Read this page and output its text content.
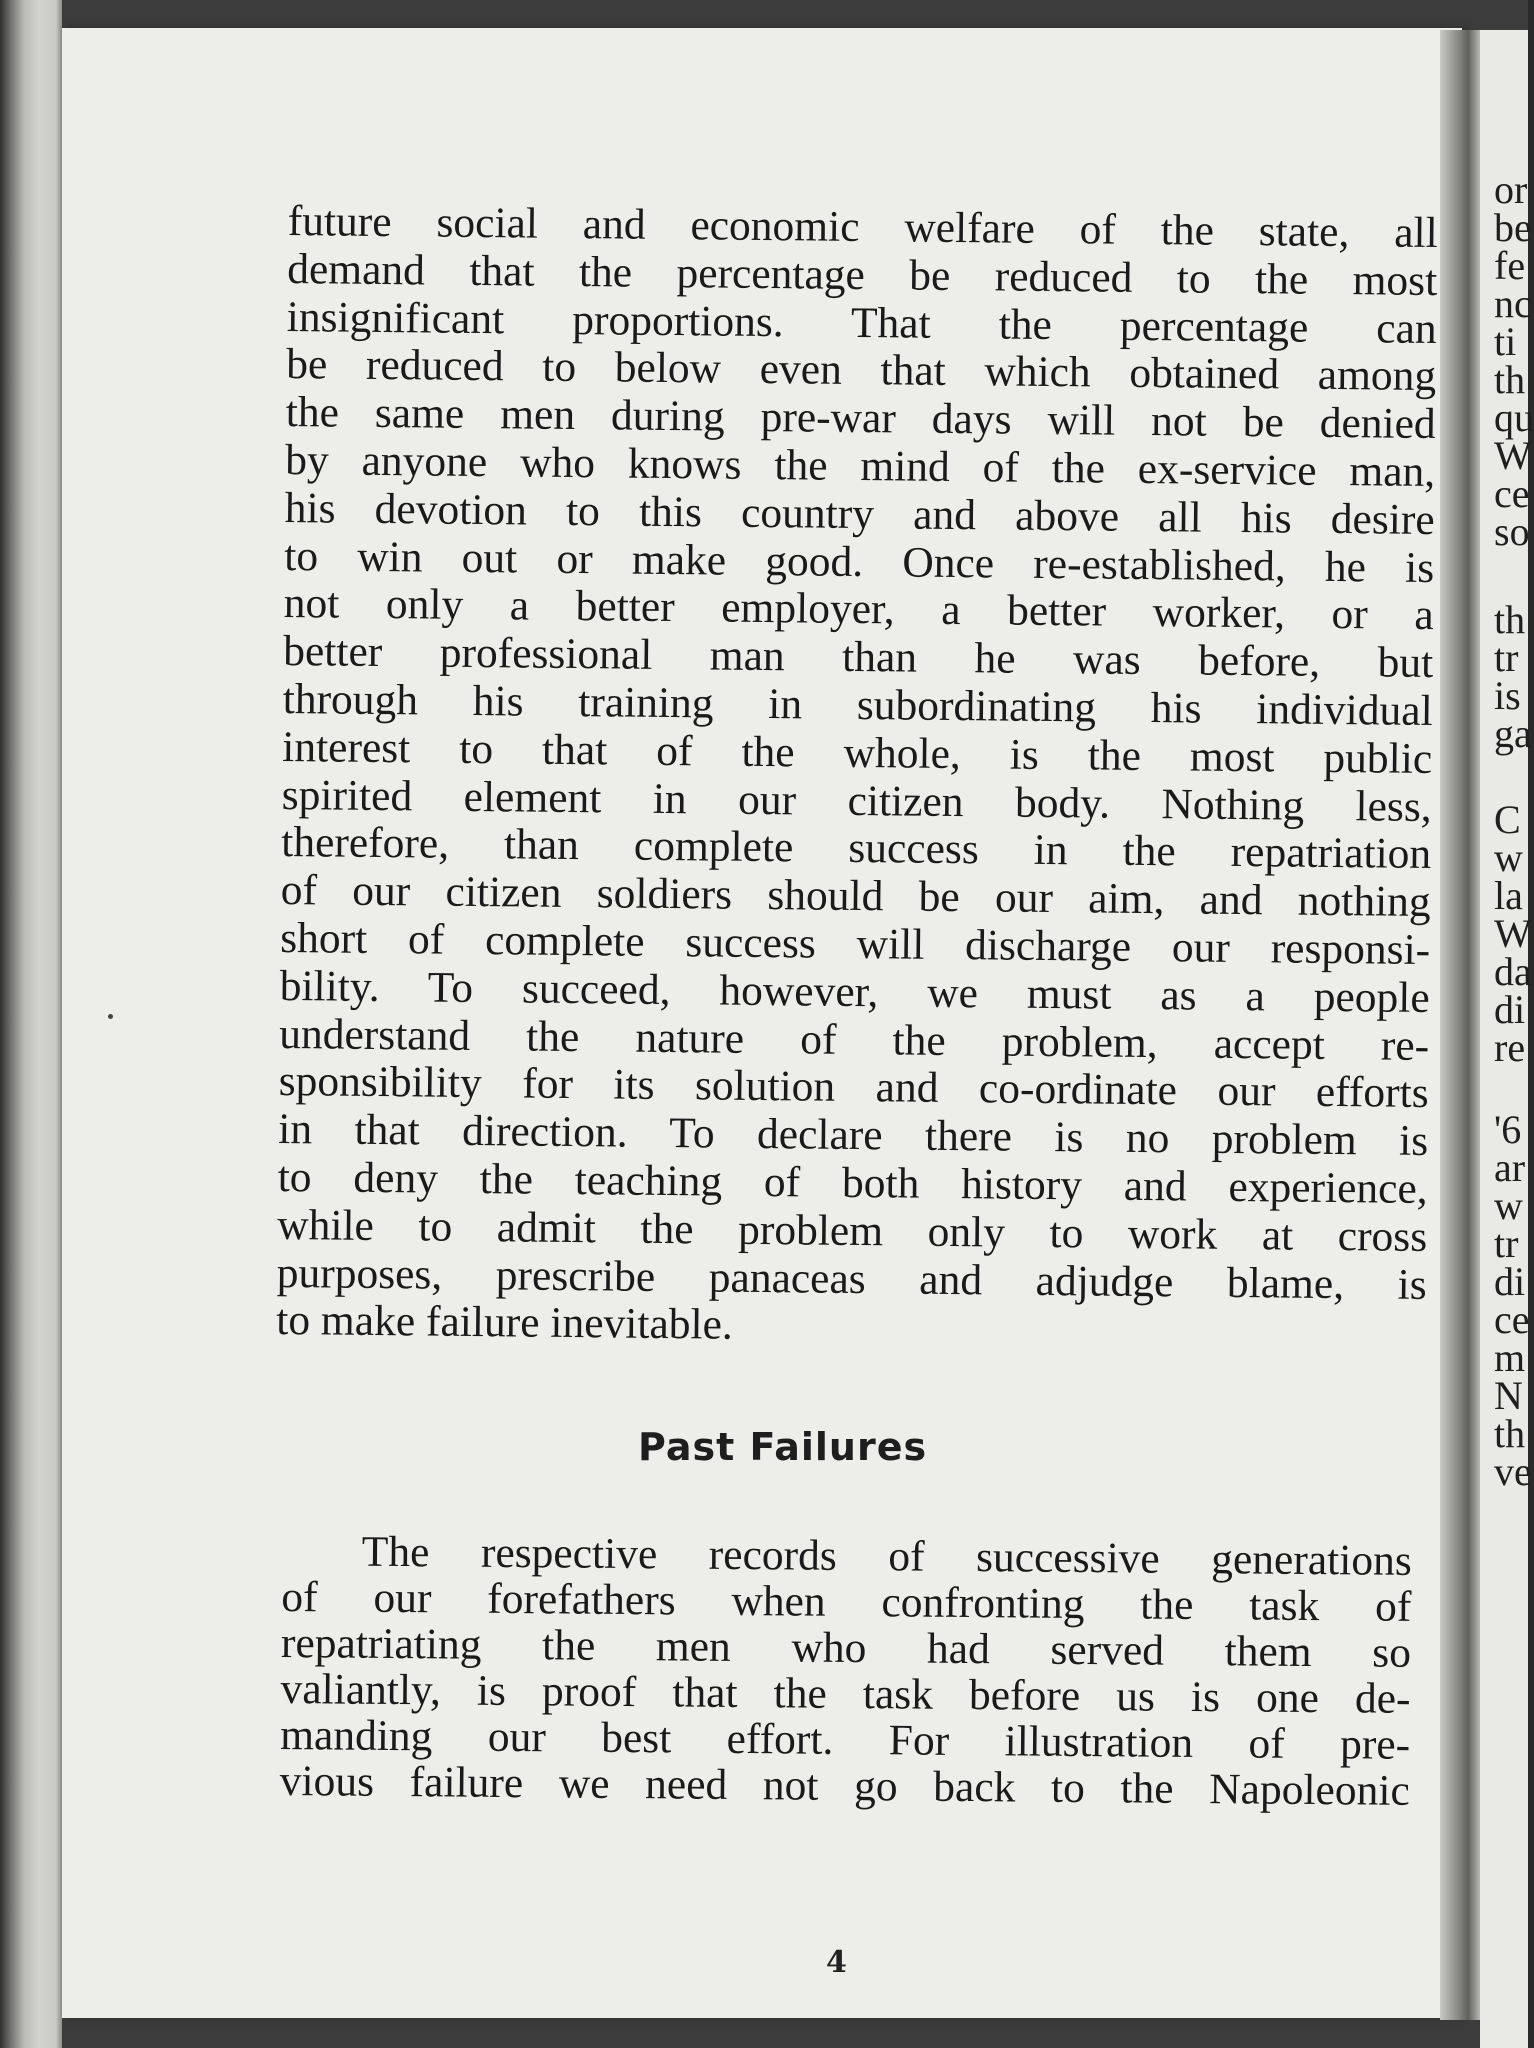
or
be
fe
nc
ti
th
qu
W
ce
so
th
tr
is
ga
C
w
la
W
da
di
re
'6
ar
w
tr
di
ce
m
N
th
ve
future social and economic welfare of the state, all
demand that the percentage be reduced to the most
insignificant proportions. That the percentage can
be reduced to below even that which obtained among
the same men during pre-war days will not be denied
by anyone who knows the mind of the ex-service man,
his devotion to this country and above all his desire
to win out or make good. Once re-established, he is
not only a better employer, a better worker, or a
better professional man than he was before, but
through his training in subordinating his individual
interest to that of the whole, is the most public
spirited element in our citizen body. Nothing less,
therefore, than complete success in the repatriation
of our citizen soldiers should be our aim, and nothing
short of complete success will discharge our responsi-
bility. To succeed, however, we must as a people
understand the nature of the problem, accept re-
sponsibility for its solution and co-ordinate our efforts
in that direction. To declare there is no problem is
to deny the teaching of both history and experience,
while to admit the problem only to work at cross
purposes, prescribe panaceas and adjudge blame, is
to make failure inevitable.
Past Failures
The respective records of successive generations
of our forefathers when confronting the task of
repatriating the men who had served them so
valiantly, is proof that the task before us is one de-
manding our best effort. For illustration of pre-
vious failure we need not go back to the Napoleonic
4
